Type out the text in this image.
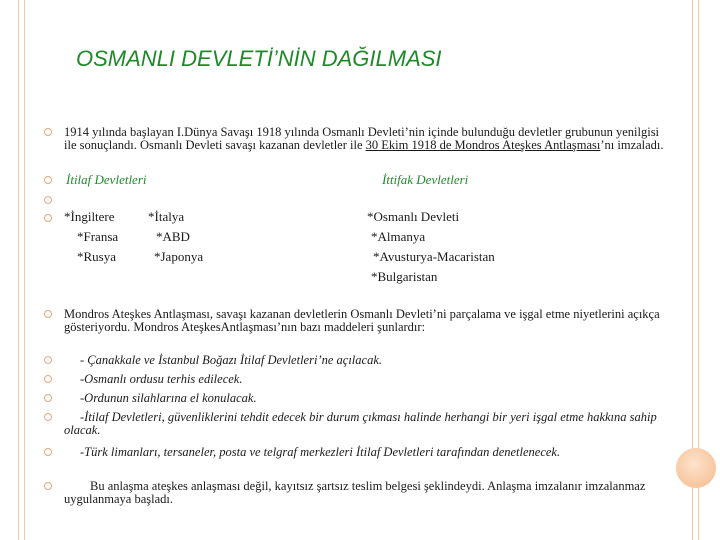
OSMANLI DEVLETİ’NİN DAĞILMASI
1914 yılında başlayan I.Dünya Savaşı 1918 yılında Osmanlı Devleti’nin içinde bulunduğu devletler grubunun yenilgisi ile sonuçlandı. Osmanlı Devleti savaşı kazanan devletler ile 30 Ekim 1918 de Mondros Ateşkes Antlaşması’nı imzaladı.
İtilaf Devletleri	İttifak Devletleri
*İngiltere
*Fransa
*Rusya
*İtalya
*ABD
*Japonya
*Osmanlı Devleti
*Almanya
*Avusturya-Macaristan
*Bulgaristan
Mondros Ateşkes Antlaşması, savaşı kazanan devletlerin Osmanlı Devleti’ni parçalama ve işgal etme niyetlerini açıkça gösteriyordu. Mondros AteşkesAntlaşması’nın bazı maddeleri şunlardır:
- Çanakkale ve İstanbul Boğazı İtilaf Devletleri’ne açılacak.
-Osmanlı ordusu terhis edilecek.
-Ordunun silahlarına el konulacak.
-İtilaf Devletleri, güvenliklerini tehdit edecek bir durum çıkması halinde herhangi bir yeri işgal etme hakkına sahip olacak.
-Türk limanları, tersaneler, posta ve telgraf merkezleri İtilaf Devletleri tarafından denetlenecek.
Bu anlaşma ateşkes anlaşması değil, kayıtsız şartsız teslim belgesi şeklindeydi. Anlaşma imzalanır imzalanmaz uygulanmaya başladı.
